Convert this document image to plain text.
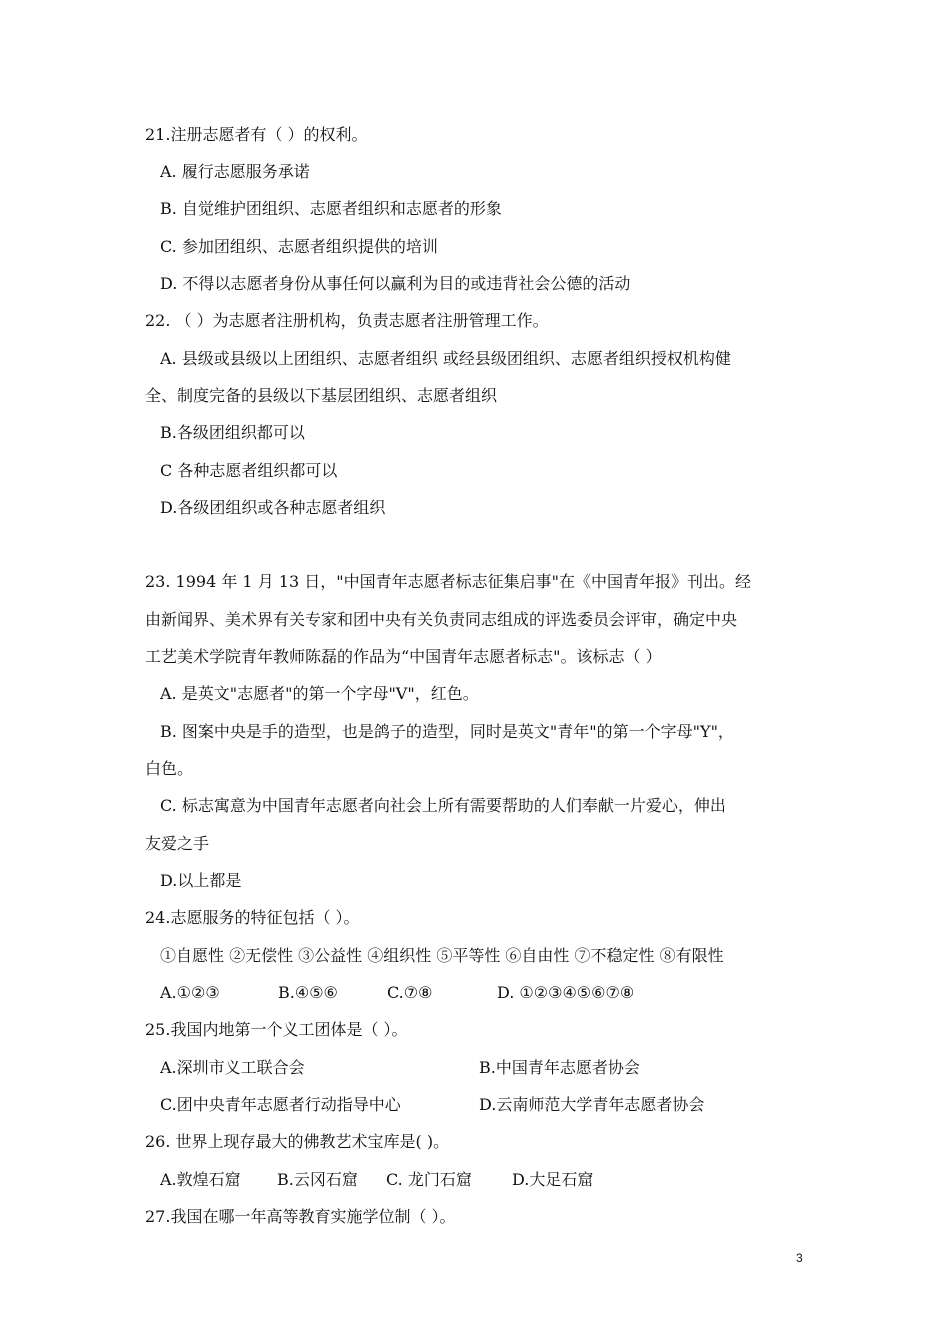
21.注册志愿者有（ ）的权利。
A. 履行志愿服务承诺
B. 自觉维护团组织、志愿者组织和志愿者的形象
C. 参加团组织、志愿者组织提供的培训
D. 不得以志愿者身份从事任何以赢利为目的或违背社会公德的活动
22. （ ）为志愿者注册机构，负责志愿者注册管理工作。
A. 县级或县级以上团组织、志愿者组织 或经县级团组织、志愿者组织授权机构健
全、制度完备的县级以下基层团组织、志愿者组织
B.各级团组织都可以
C 各种志愿者组织都可以
D.各级团组织或各种志愿者组织
23. 1994 年 1 月 13 日，"中国青年志愿者标志征集启事"在《中国青年报》刊出。经
由新闻界、美术界有关专家和团中央有关负责同志组成的评选委员会评审，确定中央
工艺美术学院青年教师陈磊的作品为“中国青年志愿者标志"。该标志（ ）
A. 是英文"志愿者"的第一个字母"V"，红色。
B. 图案中央是手的造型，也是鸽子的造型，同时是英文"青年"的第一个字母"Y"，
白色。
C. 标志寓意为中国青年志愿者向社会上所有需要帮助的人们奉献一片爱心，伸出
友爱之手
D.以上都是
24.志愿服务的特征包括（ ）。
①自愿性 ②无偿性 ③公益性 ④组织性 ⑤平等性 ⑥自由性 ⑦不稳定性 ⑧有限性
A.①②③	B.④⑤⑥	C.⑦⑧	D. ①②③④⑤⑥⑦⑧
25.我国内地第一个义工团体是（ ）。
A.深圳市义工联合会	B.中国青年志愿者协会
C.团中央青年志愿者行动指导中心	D.云南师范大学青年志愿者协会
26. 世界上现存最大的佛教艺术宝库是( )。
A.敦煌石窟 B.云冈石窟 C. 龙门石窟	D.大足石窟
27.我国在哪一年高等教育实施学位制（ ）。
3
